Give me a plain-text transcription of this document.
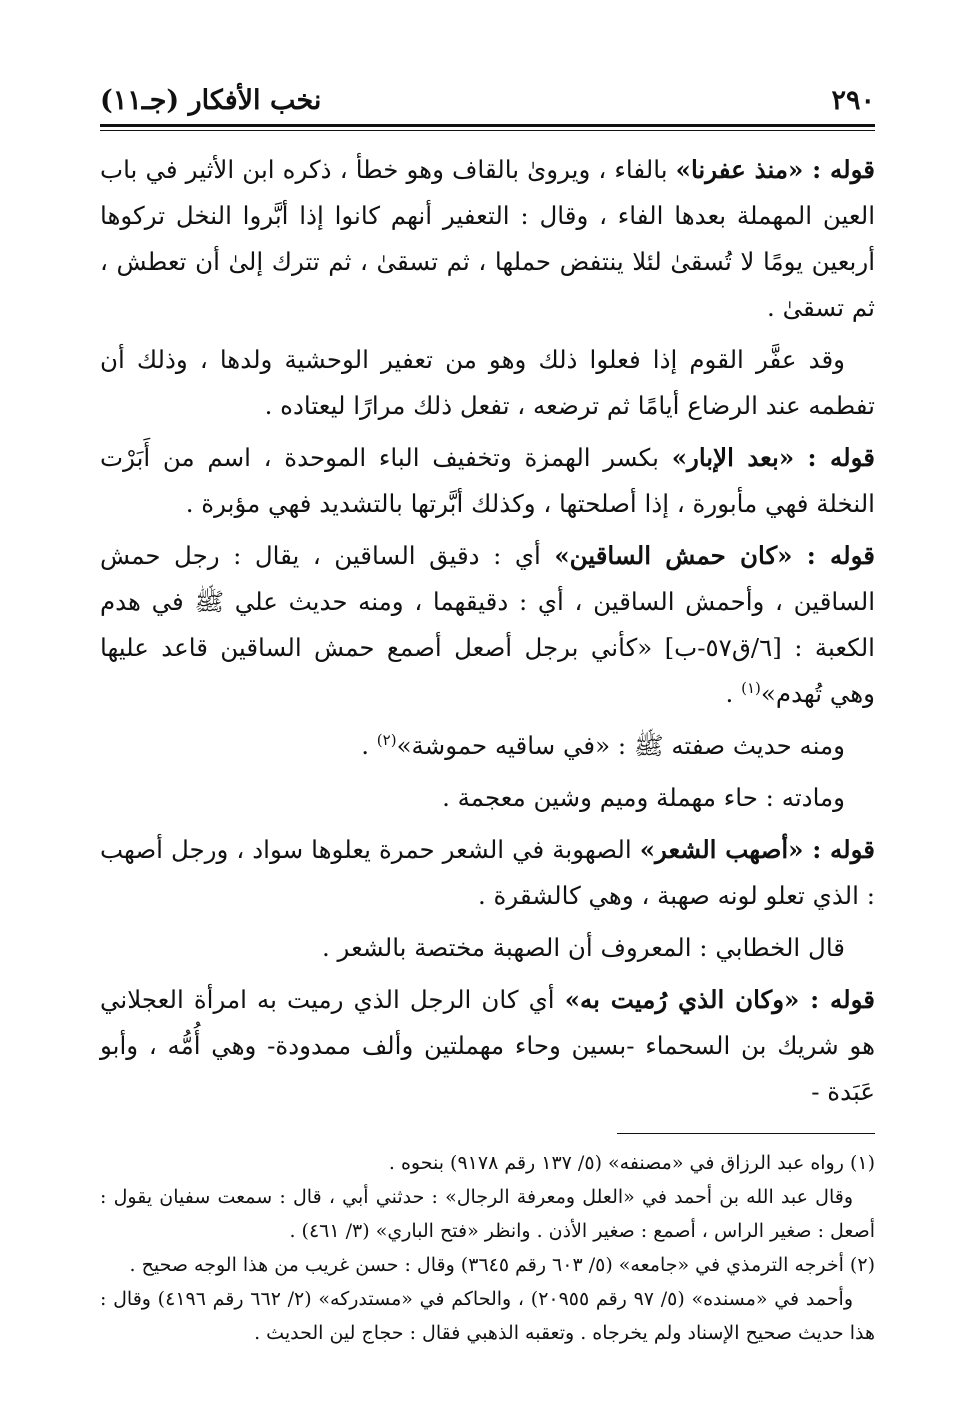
٢٩٠
نخب الأفكار (جـ١١)

قوله : «منذ عفرنا» بالفاء ، ويروىٰ بالقاف وهو خطأ ، ذكره ابن الأثير في باب العين المهملة بعدها الفاء ، وقال : التعفير أنهم كانوا إذا أبَّروا النخل تركوها أربعين يومًا لا تُسقىٰ لئلا ينتفض حملها ، ثم تسقىٰ ، ثم تترك إلىٰ أن تعطش ، ثم تسقىٰ .

وقد عفَّر القوم إذا فعلوا ذلك وهو من تعفير الوحشية ولدها ، وذلك أن تفطمه عند الرضاع أيامًا ثم ترضعه ، تفعل ذلك مرارًا ليعتاده .

قوله : «بعد الإبار» بكسر الهمزة وتخفيف الباء الموحدة ، اسم من أَبَرْت النخلة فهي مأبورة ، إذا أصلحتها ، وكذلك أبَّرتها بالتشديد فهي مؤبرة .

قوله : «كان حمش الساقين» أي : دقيق الساقين ، يقال : رجل حمش الساقين ، وأحمش الساقين ، أي : دقيقهما ، ومنه حديث علي ﷺ في هدم الكعبة : [٦/ق٥٧-ب] «كأني برجل أصعل أصمع حمش الساقين قاعد عليها وهي تُهدم»$^{(١)}$ .

ومنه حديث صفته ﷺ : «في ساقيه حموشة»$^{(٢)}$ .

ومادته : حاء مهملة وميم وشين معجمة .

قوله : «أصهب الشعر» الصهوبة في الشعر حمرة يعلوها سواد ، ورجل أصهب : الذي تعلو لونه صهبة ، وهي كالشقرة .

قال الخطابي : المعروف أن الصهبة مختصة بالشعر .

قوله : «وكان الذي رُميت به» أي كان الرجل الذي رميت به امرأة العجلاني هو شريك بن السحماء -بسين وحاء مهملتين وألف ممدودة- وهي أُمُّه ، وأبو عَبَدة -

(١) رواه عبد الرزاق في «مصنفه» (٥/ ١٣٧ رقم ٩١٧٨) بنحوه .

وقال عبد الله بن أحمد في «العلل ومعرفة الرجال» : حدثني أبي ، قال : سمعت سفيان يقول : أصعل : صغير الراس ، أصمع : صغير الأذن . وانظر «فتح الباري» (٣/ ٤٦١) .

(٢) أخرجه الترمذي في «جامعه» (٥/ ٦٠٣ رقم ٣٦٤٥) وقال : حسن غريب من هذا الوجه صحيح .

وأحمد في «مسنده» (٥/ ٩٧ رقم ٢٠٩٥٥) ، والحاكم في «مستدركه» (٢/ ٦٦٢ رقم ٤١٩٦) وقال : هذا حديث صحيح الإسناد ولم يخرجاه . وتعقبه الذهبي فقال : حجاج لين الحديث .
